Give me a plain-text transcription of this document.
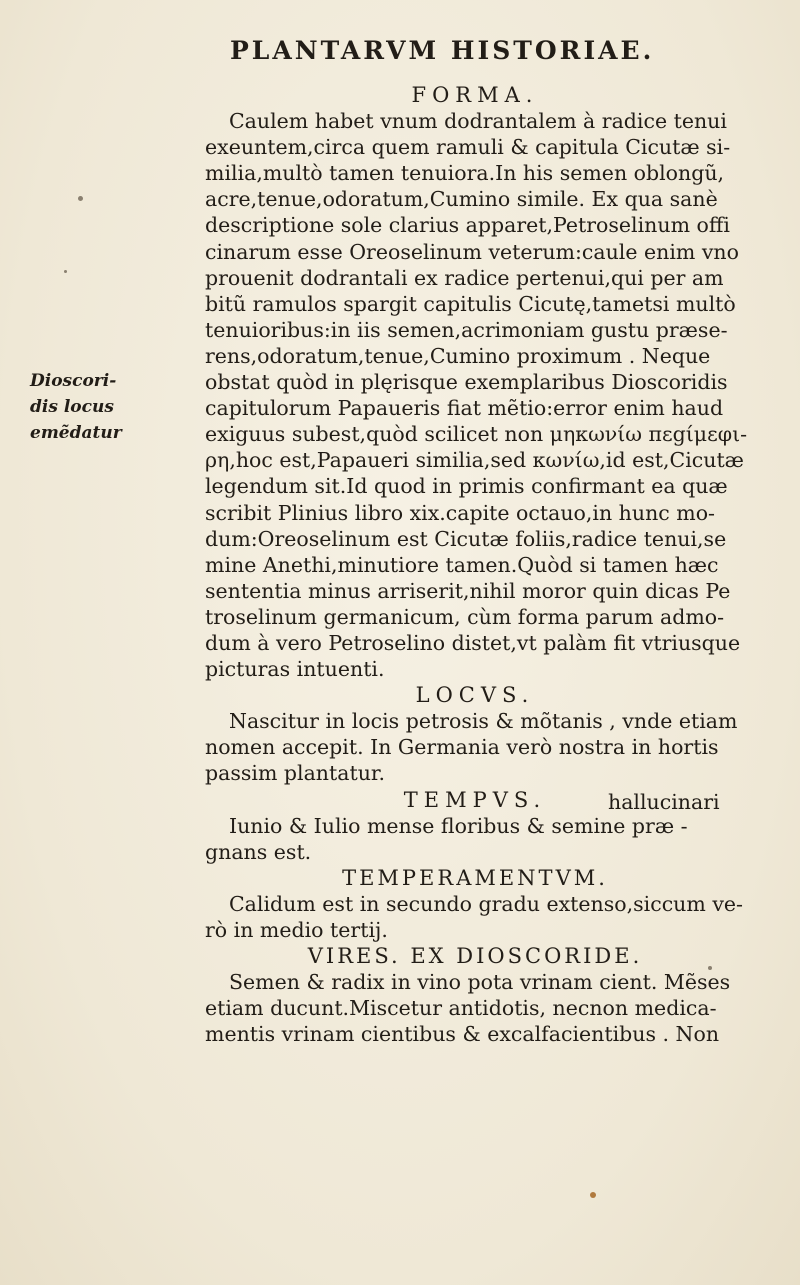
PLANTARVM HISTORIAE.
Dioscori-
dis locus
emẽdatur
FORMA.
Caulem habet vnum dodrantalem à radice tenui
exeuntem,circa quem ramuli & capitula Cicutæ si-
milia,multò tamen tenuiora.In his semen oblongũ,
acre,tenue,odoratum,Cumino simile. Ex qua sanè
descriptione sole clarius apparet,Petroselinum offi
cinarum esse Oreoselinum veterum:caule enim vno
prouenit dodrantali ex radice pertenui,qui per am
bitũ ramulos spargit capitulis Cicutę,tametsi multò
tenuioribus:in iis semen,acrimoniam gustu præse-
rens,odoratum,tenue,Cumino proximum . Neque
obstat quòd in plęrisque exemplaribus Dioscoridis
capitulorum Papaueris fiat mẽtio:error enim haud
exiguus subest,quòd scilicet non μηκωνίω πεgίμεφι-
ρη,hoc est,Papaueri similia,sed κωνίω,id est,Cicutæ
legendum sit.Id quod in primis confirmant ea quæ
scribit Plinius libro xix.capite octauo,in hunc mo-
dum:Oreoselinum est Cicutæ foliis,radice tenui,se
mine Anethi,minutiore tamen.Quòd si tamen hæc
sententia minus arriserit,nihil moror quin dicas Pe
troselinum germanicum, cùm forma parum admo-
dum à vero Petroselino distet,vt palàm fit vtriusque
picturas intuenti.
LOCVS.
Nascitur in locis petrosis & mõtanis , vnde etiam
nomen accepit. In Germania verò nostra in hortis
passim plantatur.
TEMPVS.
Iunio & Iulio mense floribus & semine præ -
gnans est.
TEMPERAMENTVM.
Calidum est in secundo gradu extenso,siccum ve-
rò in medio tertij.
VIRES. EX DIOSCORIDE.
Semen & radix in vino pota vrinam cient. Mẽses
etiam ducunt.Miscetur antidotis, necnon medica-
mentis vrinam cientibus & excalfacientibus . Non
hallucinari
